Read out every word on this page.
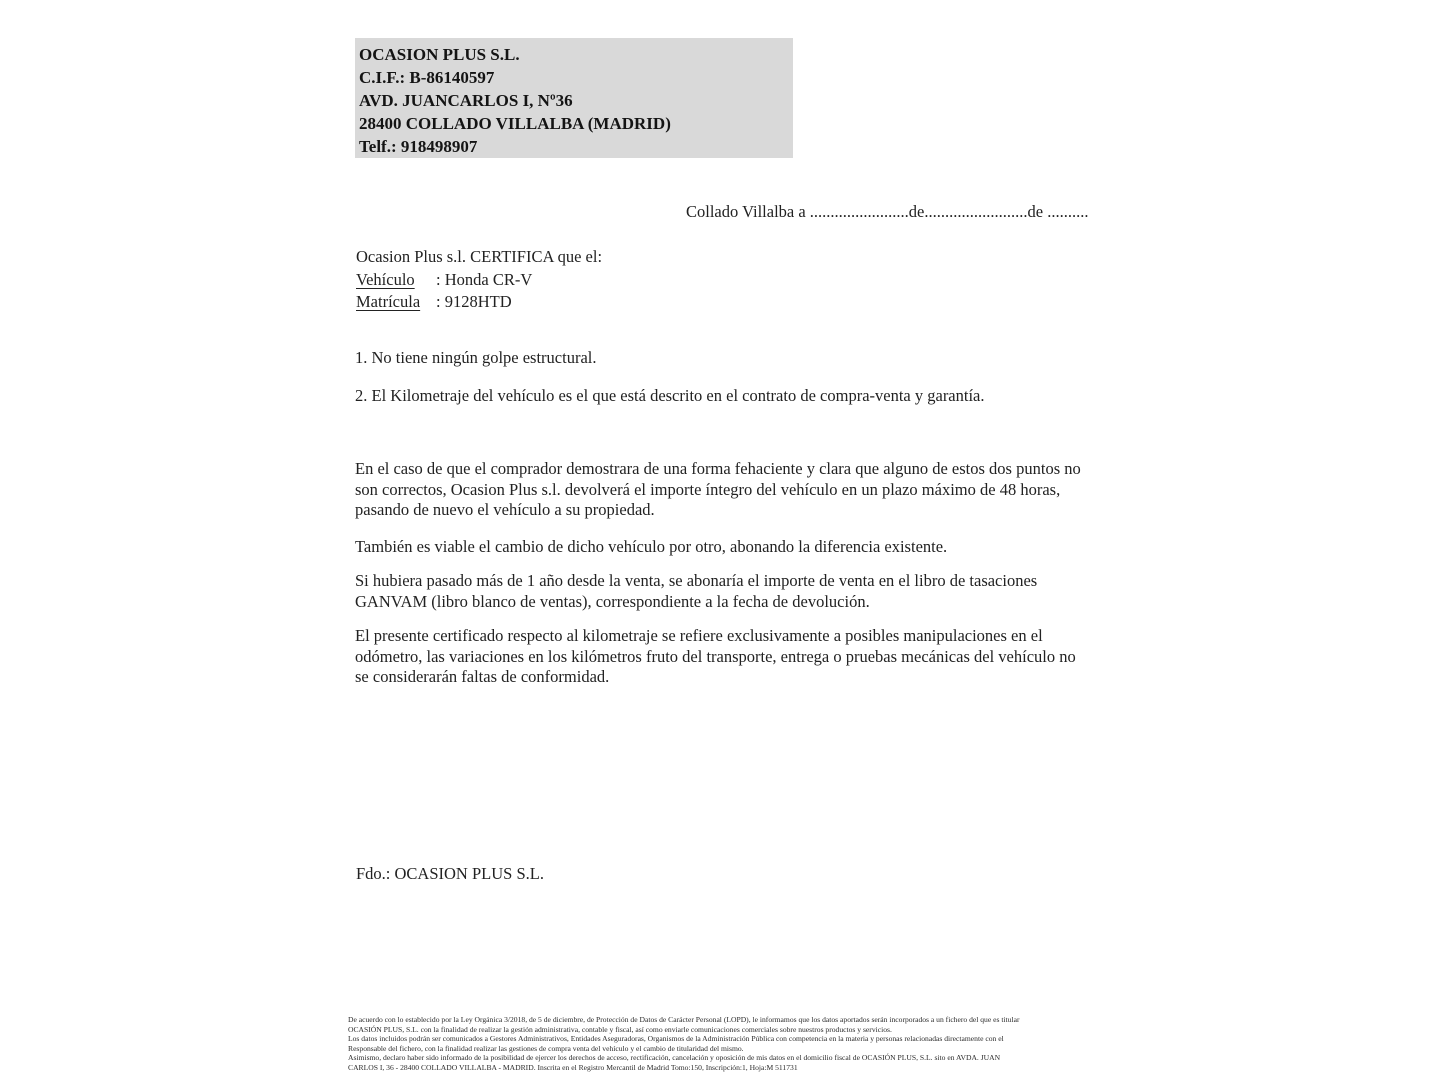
OCASION PLUS S.L.
C.I.F.: B-86140597
AVD. JUANCARLOS I, Nº36
28400 COLLADO VILLALBA (MADRID)
Telf.: 918498907
Collado Villalba a ........................de.........................de ..........
Ocasion Plus s.l. CERTIFICA que el:
Vehículo : Honda CR-V
Matrícula : 9128HTD
1. No tiene ningún golpe estructural.
2. El Kilometraje del vehículo es el que está descrito en el contrato de compra-venta y garantía.
En el caso de que el comprador demostrara de una forma fehaciente y clara que alguno de estos dos puntos no son correctos, Ocasion Plus s.l. devolverá el importe íntegro del vehículo en un plazo máximo de 48 horas, pasando de nuevo el vehículo a su propiedad.
También es viable el cambio de dicho vehículo por otro, abonando la diferencia existente.
Si hubiera pasado más de 1 año desde la venta, se abonaría el importe de venta en el libro de tasaciones GANVAM (libro blanco de ventas), correspondiente a la fecha de devolución.
El presente certificado respecto al kilometraje se refiere exclusivamente a posibles manipulaciones en el odómetro, las variaciones en los kilómetros fruto del transporte, entrega o pruebas mecánicas del vehículo no se considerarán faltas de conformidad.
Fdo.: OCASION PLUS S.L.
De acuerdo con lo establecido por la Ley Orgánica 3/2018, de 5 de diciembre, de Protección de Datos de Carácter Personal (LOPD), le informamos que los datos aportados serán incorporados a un fichero del que es titular
OCASIÓN PLUS, S.L. con la finalidad de realizar la gestión administrativa, contable y fiscal, así como enviarle comunicaciones comerciales sobre nuestros productos y servicios.
Los datos incluidos podrán ser comunicados a Gestores Administrativos, Entidades Aseguradoras, Organismos de la Administración Pública con competencia en la materia y personas relacionadas directamente con el
Responsable del fichero, con la finalidad realizar las gestiones de compra venta del vehículo y el cambio de titularidad del mismo.
Asimismo, declaro haber sido informado de la posibilidad de ejercer los derechos de acceso, rectificación, cancelación y oposición de mis datos en el domicilio fiscal de OCASIÓN PLUS, S.L. sito en AVDA. JUAN
CARLOS I, 36 - 28400 COLLADO VILLALBA - MADRID. Inscrita en el Registro Mercantil de Madrid Tomo:150, Inscripción:1, Hoja:M 511731
